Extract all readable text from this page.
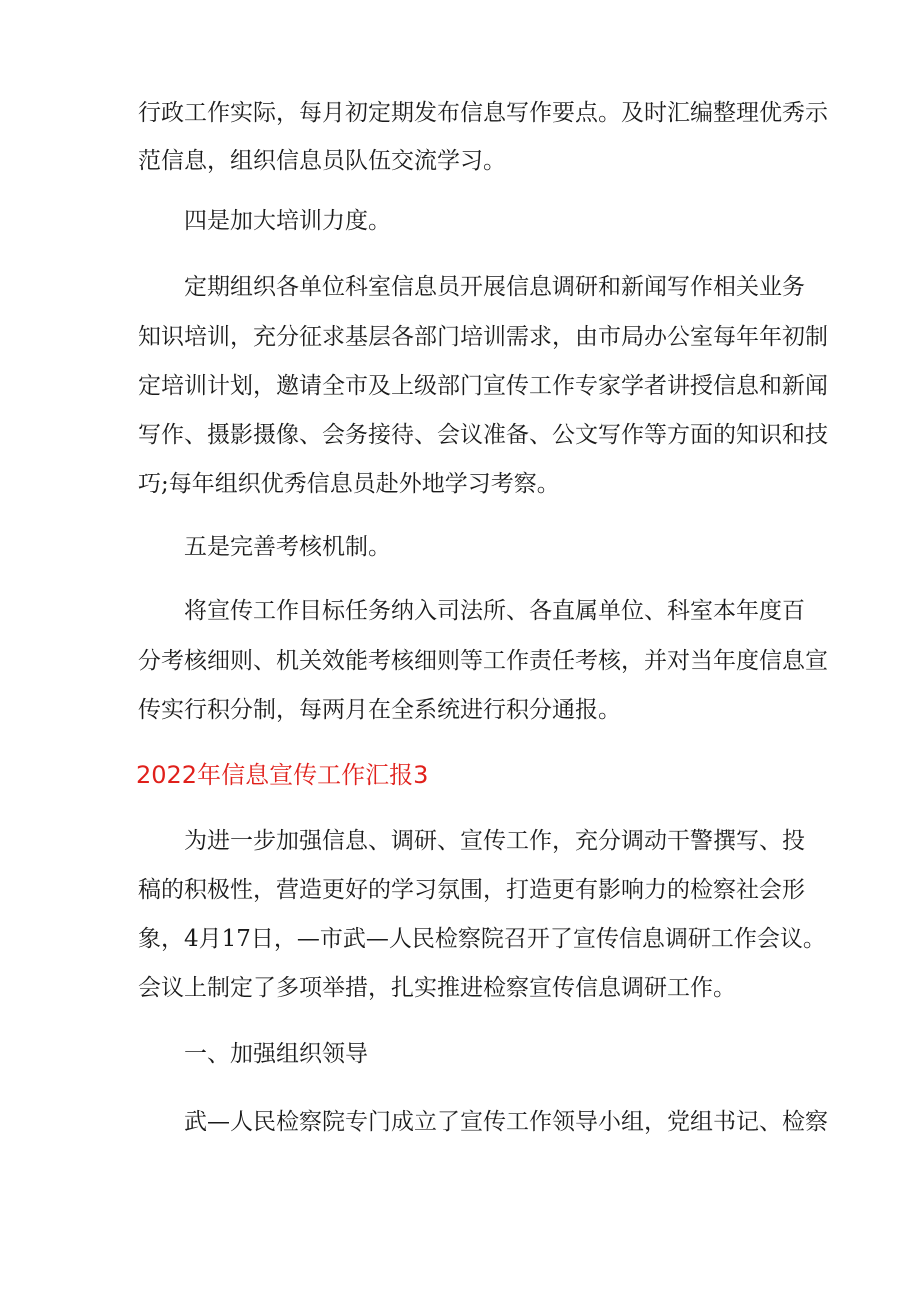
行政工作实际，每月初定期发布信息写作要点。及时汇编整理优秀示
范信息，组织信息员队伍交流学习。
四是加大培训力度。
定期组织各单位科室信息员开展信息调研和新闻写作相关业务
知识培训，充分征求基层各部门培训需求，由市局办公室每年年初制
定培训计划，邀请全市及上级部门宣传工作专家学者讲授信息和新闻
写作、摄影摄像、会务接待、会议准备、公文写作等方面的知识和技
巧;每年组织优秀信息员赴外地学习考察。
五是完善考核机制。
将宣传工作目标任务纳入司法所、各直属单位、科室本年度百
分考核细则、机关效能考核细则等工作责任考核，并对当年度信息宣
传实行积分制，每两月在全系统进行积分通报。
2022年信息宣传工作汇报3
为进一步加强信息、调研、宣传工作，充分调动干警撰写、投
稿的积极性，营造更好的学习氛围，打造更有影响力的检察社会形
象，4月17日，—市武—人民检察院召开了宣传信息调研工作会议。
会议上制定了多项举措，扎实推进检察宣传信息调研工作。
一、加强组织领导
武—人民检察院专门成立了宣传工作领导小组，党组书记、检察
